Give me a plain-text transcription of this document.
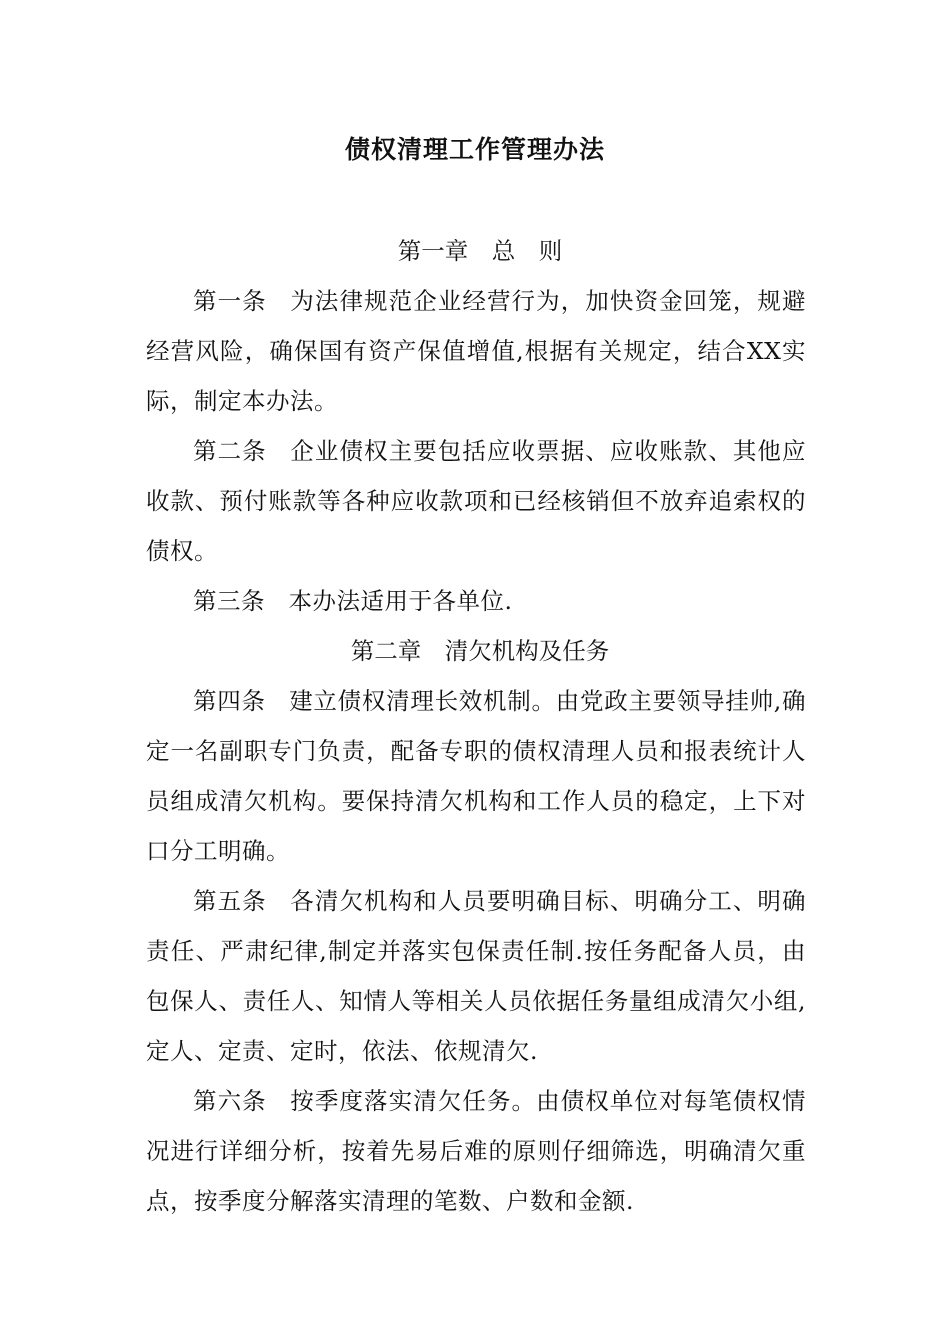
债权清理工作管理办法

第一章 总　则

第一条 为法律规范企业经营行为，加快资金回笼，规避经营风险，确保国有资产保值增值,根据有关规定，结合XX实际，制定本办法。

第二条 企业债权主要包括应收票据、应收账款、其他应收款、预付账款等各种应收款项和已经核销但不放弃追索权的债权。

第三条 本办法适用于各单位.

第二章 清欠机构及任务

第四条 建立债权清理长效机制。由党政主要领导挂帅,确定一名副职专门负责，配备专职的债权清理人员和报表统计人员组成清欠机构。要保持清欠机构和工作人员的稳定，上下对口分工明确。

第五条 各清欠机构和人员要明确目标、明确分工、明确责任、严肃纪律,制定并落实包保责任制.按任务配备人员，由包保人、责任人、知情人等相关人员依据任务量组成清欠小组,定人、定责、定时，依法、依规清欠.

第六条 按季度落实清欠任务。由债权单位对每笔债权情况进行详细分析，按着先易后难的原则仔细筛选，明确清欠重点，按季度分解落实清理的笔数、户数和金额.
